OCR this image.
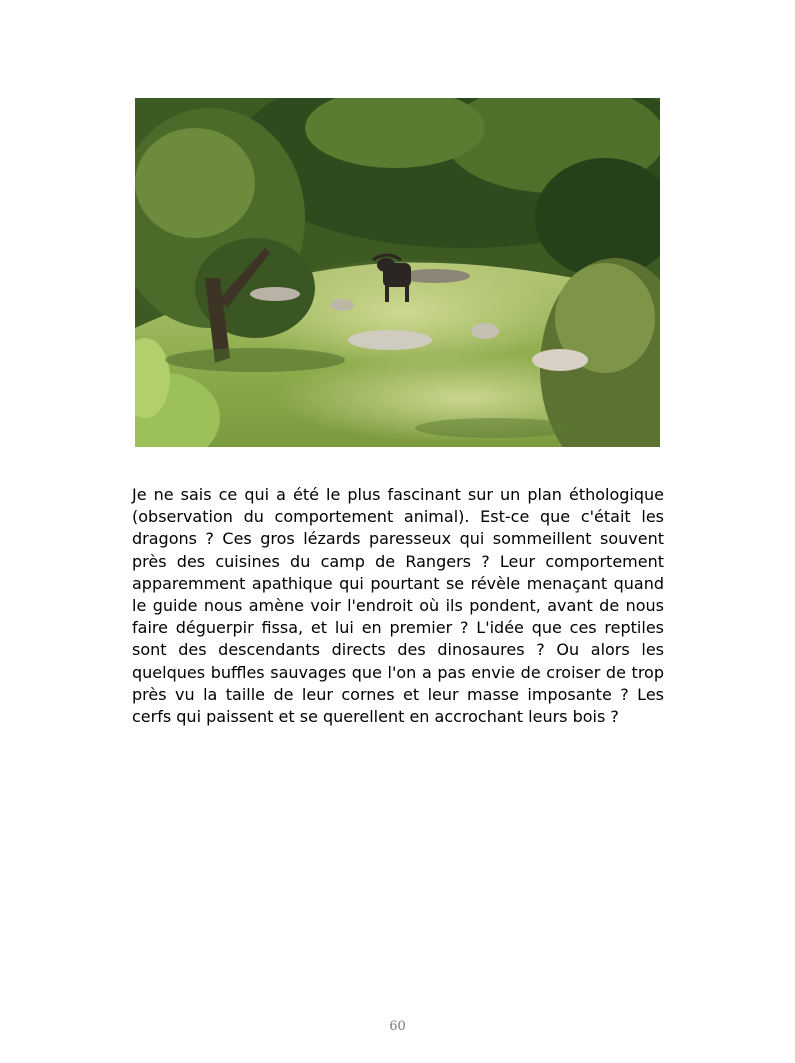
Je ne sais ce qui a été le plus fascinant sur un plan éthologique (observation du comportement animal). Est-ce que c'était les dragons ? Ces gros lézards paresseux qui sommeillent souvent près des cuisines du camp de Rangers ? Leur comportement apparemment apathique qui pourtant se révèle menaçant quand le guide nous amène voir l'endroit où ils pondent, avant de nous faire déguerpir fissa, et lui en premier ? L'idée que ces reptiles sont des descendants directs des dinosaures ? Ou alors les quelques buffles sauvages que l'on a pas envie de croiser de trop près vu la taille de leur cornes et leur masse imposante ? Les cerfs qui paissent et se querellent en accrochant leurs bois ?

60
